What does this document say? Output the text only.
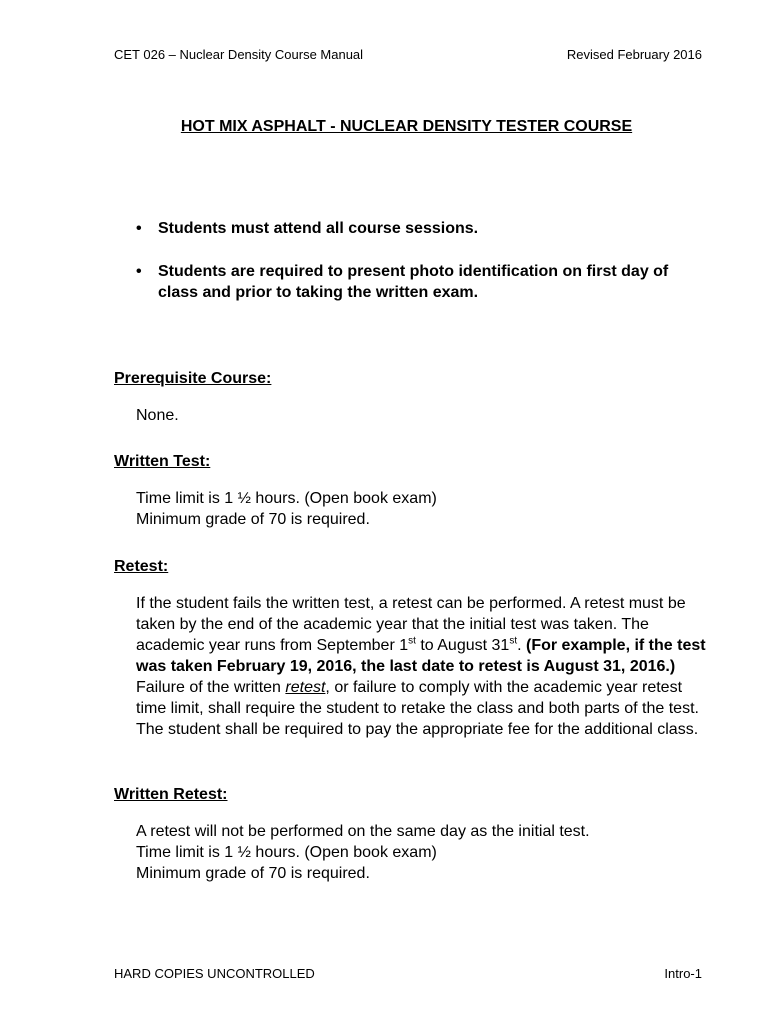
CET 026 – Nuclear Density Course Manual	Revised February 2016
HOT MIX ASPHALT - NUCLEAR DENSITY TESTER COURSE
• Students must attend all course sessions.
• Students are required to present photo identification on first day of class and prior to taking the written exam.
Prerequisite Course:
None.
Written Test:
Time limit is 1 ½ hours. (Open book exam)
Minimum grade of 70 is required.
Retest:
If the student fails the written test, a retest can be performed. A retest must be taken by the end of the academic year that the initial test was taken. The academic year runs from September 1st to August 31st. (For example, if the test was taken February 19, 2016, the last date to retest is August 31, 2016.) Failure of the written retest, or failure to comply with the academic year retest time limit, shall require the student to retake the class and both parts of the test. The student shall be required to pay the appropriate fee for the additional class.
Written Retest:
A retest will not be performed on the same day as the initial test.
Time limit is 1 ½ hours. (Open book exam)
Minimum grade of 70 is required.
HARD COPIES UNCONTROLLED	Intro-1
